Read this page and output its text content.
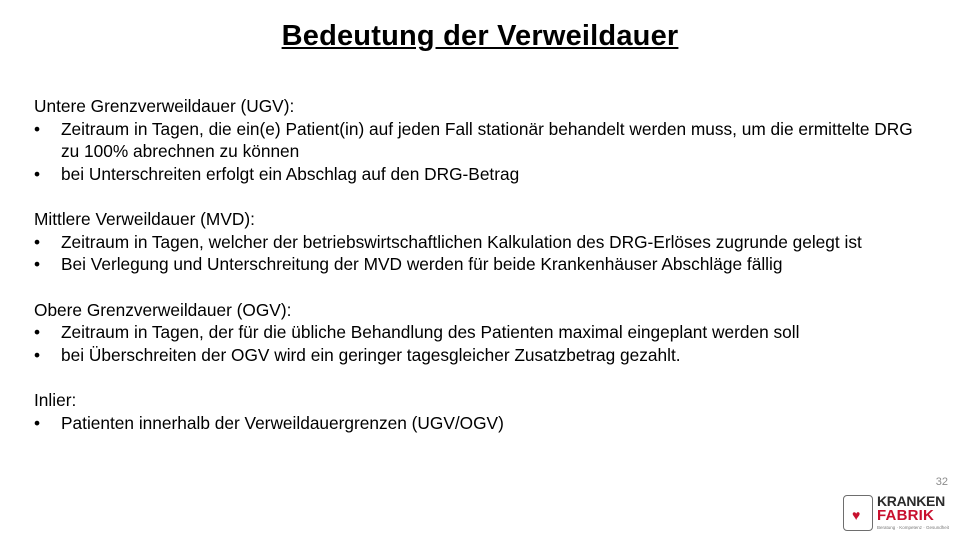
Bedeutung der Verweildauer
Untere Grenzverweildauer (UGV):
• Zeitraum in Tagen, die ein(e) Patient(in) auf jeden Fall stationär behandelt werden muss, um die ermittelte DRG zu 100% abrechnen zu können
• bei Unterschreiten erfolgt ein Abschlag auf den DRG-Betrag
Mittlere Verweildauer (MVD):
• Zeitraum in Tagen, welcher der betriebswirtschaftlichen Kalkulation des DRG-Erlöses zugrunde gelegt ist
• Bei Verlegung und Unterschreitung der MVD werden für beide Krankenhäuser Abschläge fällig
Obere Grenzverweildauer (OGV):
• Zeitraum in Tagen, der für die übliche Behandlung des Patienten maximal eingeplant werden soll
• bei Überschreiten der OGV wird ein geringer tagesgleicher Zusatzbetrag gezahlt.
Inlier:
• Patienten innerhalb der Verweildauergrenzen (UGV/OGV)
32
♥
KRANKEN
FABRIK
Beratung · Kompetenz · Gesundheit
